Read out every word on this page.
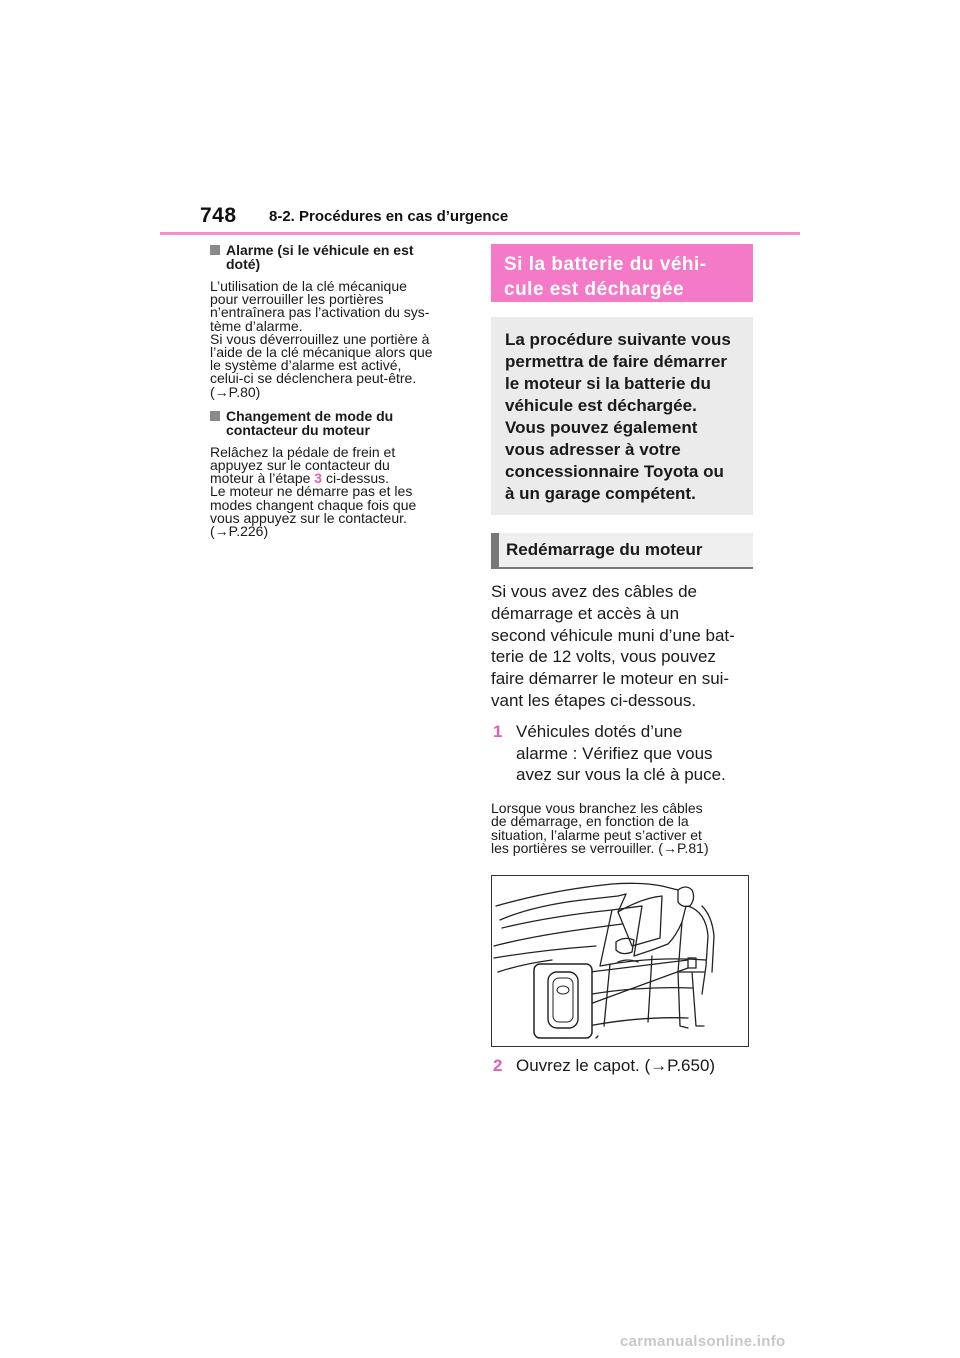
748 8-2. Procédures en cas d’urgence
Alarme (si le véhicule en est
doté)
L’utilisation de la clé mécanique
pour verrouiller les portières
n’entraînera pas l’activation du sys-
tème d’alarme.
Si vous déverrouillez une portière à
l’aide de la clé mécanique alors que
le système d’alarme est activé,
celui-ci se déclenchera peut-être.
(→P.80)
Changement de mode du
contacteur du moteur
Relâchez la pédale de frein et
appuyez sur le contacteur du
moteur à l’étape 3 ci-dessus.
Le moteur ne démarre pas et les
modes changent chaque fois que
vous appuyez sur le contacteur.
(→P.226)
Si la batterie du véhi-
cule est déchargée
La procédure suivante vous
permettra de faire démarrer
le moteur si la batterie du
véhicule est déchargée.
Vous pouvez également
vous adresser à votre
concessionnaire Toyota ou
à un garage compétent.
Redémarrage du moteur
Si vous avez des câbles de
démarrage et accès à un
second véhicule muni d’une bat-
terie de 12 volts, vous pouvez
faire démarrer le moteur en sui-
vant les étapes ci-dessous.
1 Véhicules dotés d’une
alarme : Vérifiez que vous
avez sur vous la clé à puce.
Lorsque vous branchez les câbles
de démarrage, en fonction de la
situation, l’alarme peut s’activer et
les portières se verrouiller. (→P.81)
2 Ouvrez le capot. (→P.650)
carmanualsonline.info
